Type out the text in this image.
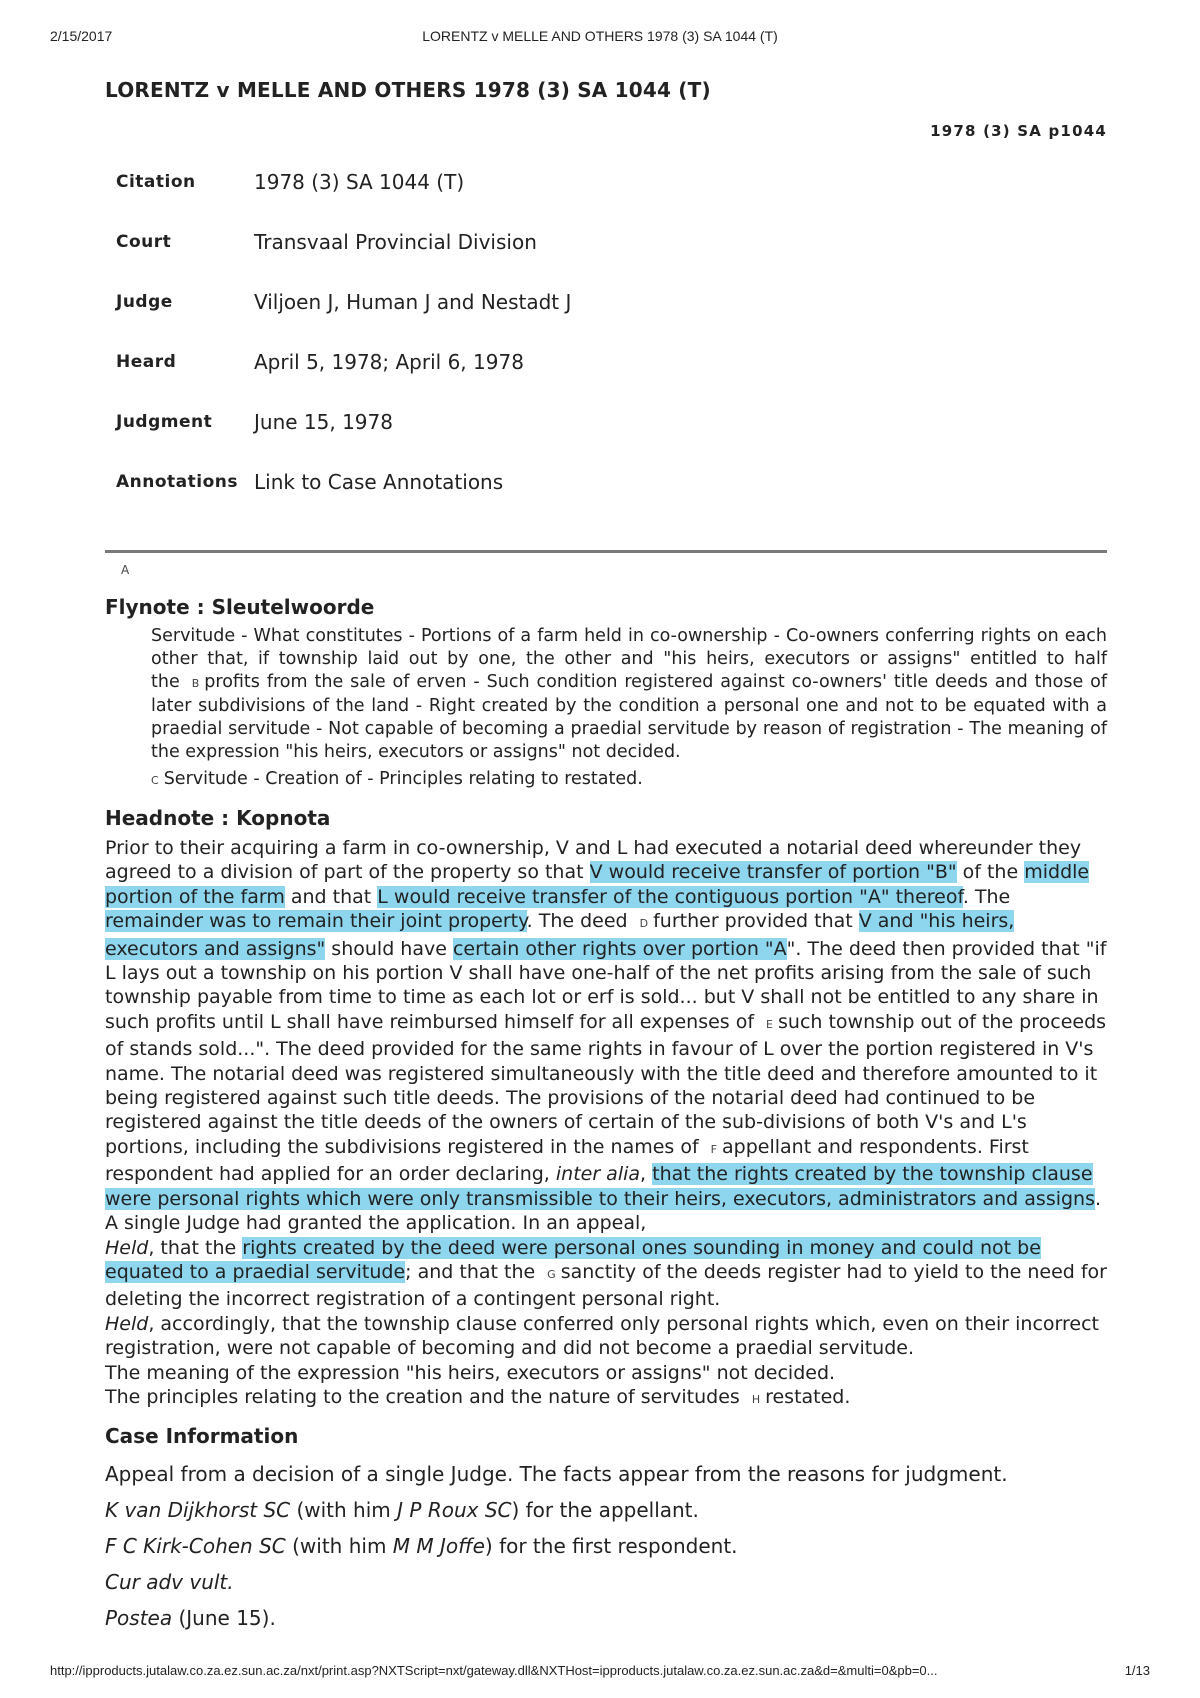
2/15/2017	LORENTZ v MELLE AND OTHERS 1978 (3) SA 1044 (T)
LORENTZ v MELLE AND OTHERS 1978 (3) SA 1044 (T)
1978 (3) SA p1044
Citation	1978 (3) SA 1044 (T)
Court	Transvaal Provincial Division
Judge	Viljoen J, Human J and Nestadt J
Heard	April 5, 1978; April 6, 1978
Judgment	June 15, 1978
Annotations Link to Case Annotations
A
Flynote : Sleutelwoorde

Servitude - What constitutes - Portions of a farm held in co-ownership - Co-owners conferring rights on each other that, if township laid out by one, the other and "his heirs, executors or assigns" entitled to half the B profits from the sale of erven - Such condition registered against co-owners' title deeds and those of later subdivisions of the land - Right created by the condition a personal one and not to be equated with a praedial servitude - Not capable of becoming a praedial servitude by reason of registration - The meaning of the expression "his heirs, executors or assigns" not decided.

C Servitude - Creation of - Principles relating to restated.

Headnote : Kopnota

Prior to their acquiring a farm in co-ownership, V and L had executed a notarial deed whereunder they agreed to a division of part of the property so that V would receive transfer of portion "B" of the middle portion of the farm and that L would receive transfer of the contiguous portion "A" thereof. The remainder was to remain their joint property. The deed D further provided that V and "his heirs, executors and assigns" should have certain other rights over portion "A". The deed then provided that "if L lays out a township on his portion V shall have one-half of the net profits arising from the sale of such township payable from time to time as each lot or erf is sold... but V shall not be entitled to any share in such profits until L shall have reimbursed himself for all expenses of E such township out of the proceeds of stands sold...". The deed provided for the same rights in favour of L over the portion registered in V's name. The notarial deed was registered simultaneously with the title deed and therefore amounted to it being registered against such title deeds. The provisions of the notarial deed had continued to be registered against the title deeds of the owners of certain of the sub-divisions of both V's and L's portions, including the subdivisions registered in the names of F appellant and respondents. First respondent had applied for an order declaring, inter alia, that the rights created by the township clause were personal rights which were only transmissible to their heirs, executors, administrators and assigns. A single Judge had granted the application. In an appeal,

Held, that the rights created by the deed were personal ones sounding in money and could not be equated to a praedial servitude; and that the G sanctity of the deeds register had to yield to the need for deleting the incorrect registration of a contingent personal right.

Held, accordingly, that the township clause conferred only personal rights which, even on their incorrect registration, were not capable of becoming and did not become a praedial servitude.

The meaning of the expression "his heirs, executors or assigns" not decided.

The principles relating to the creation and the nature of servitudes H restated.

Case Information

Appeal from a decision of a single Judge. The facts appear from the reasons for judgment.

K van Dijkhorst SC (with him J P Roux SC) for the appellant.

F C Kirk-Cohen SC (with him M M Joffe) for the first respondent.

Cur adv vult.

Postea (June 15).

http://ipproducts.jutalaw.co.za.ez.sun.ac.za/nxt/print.asp?NXTScript=nxt/gateway.dll&NXTHost=ipproducts.jutalaw.co.za.ez.sun.ac.za&d=&multi=0&pb=0...	1/13
